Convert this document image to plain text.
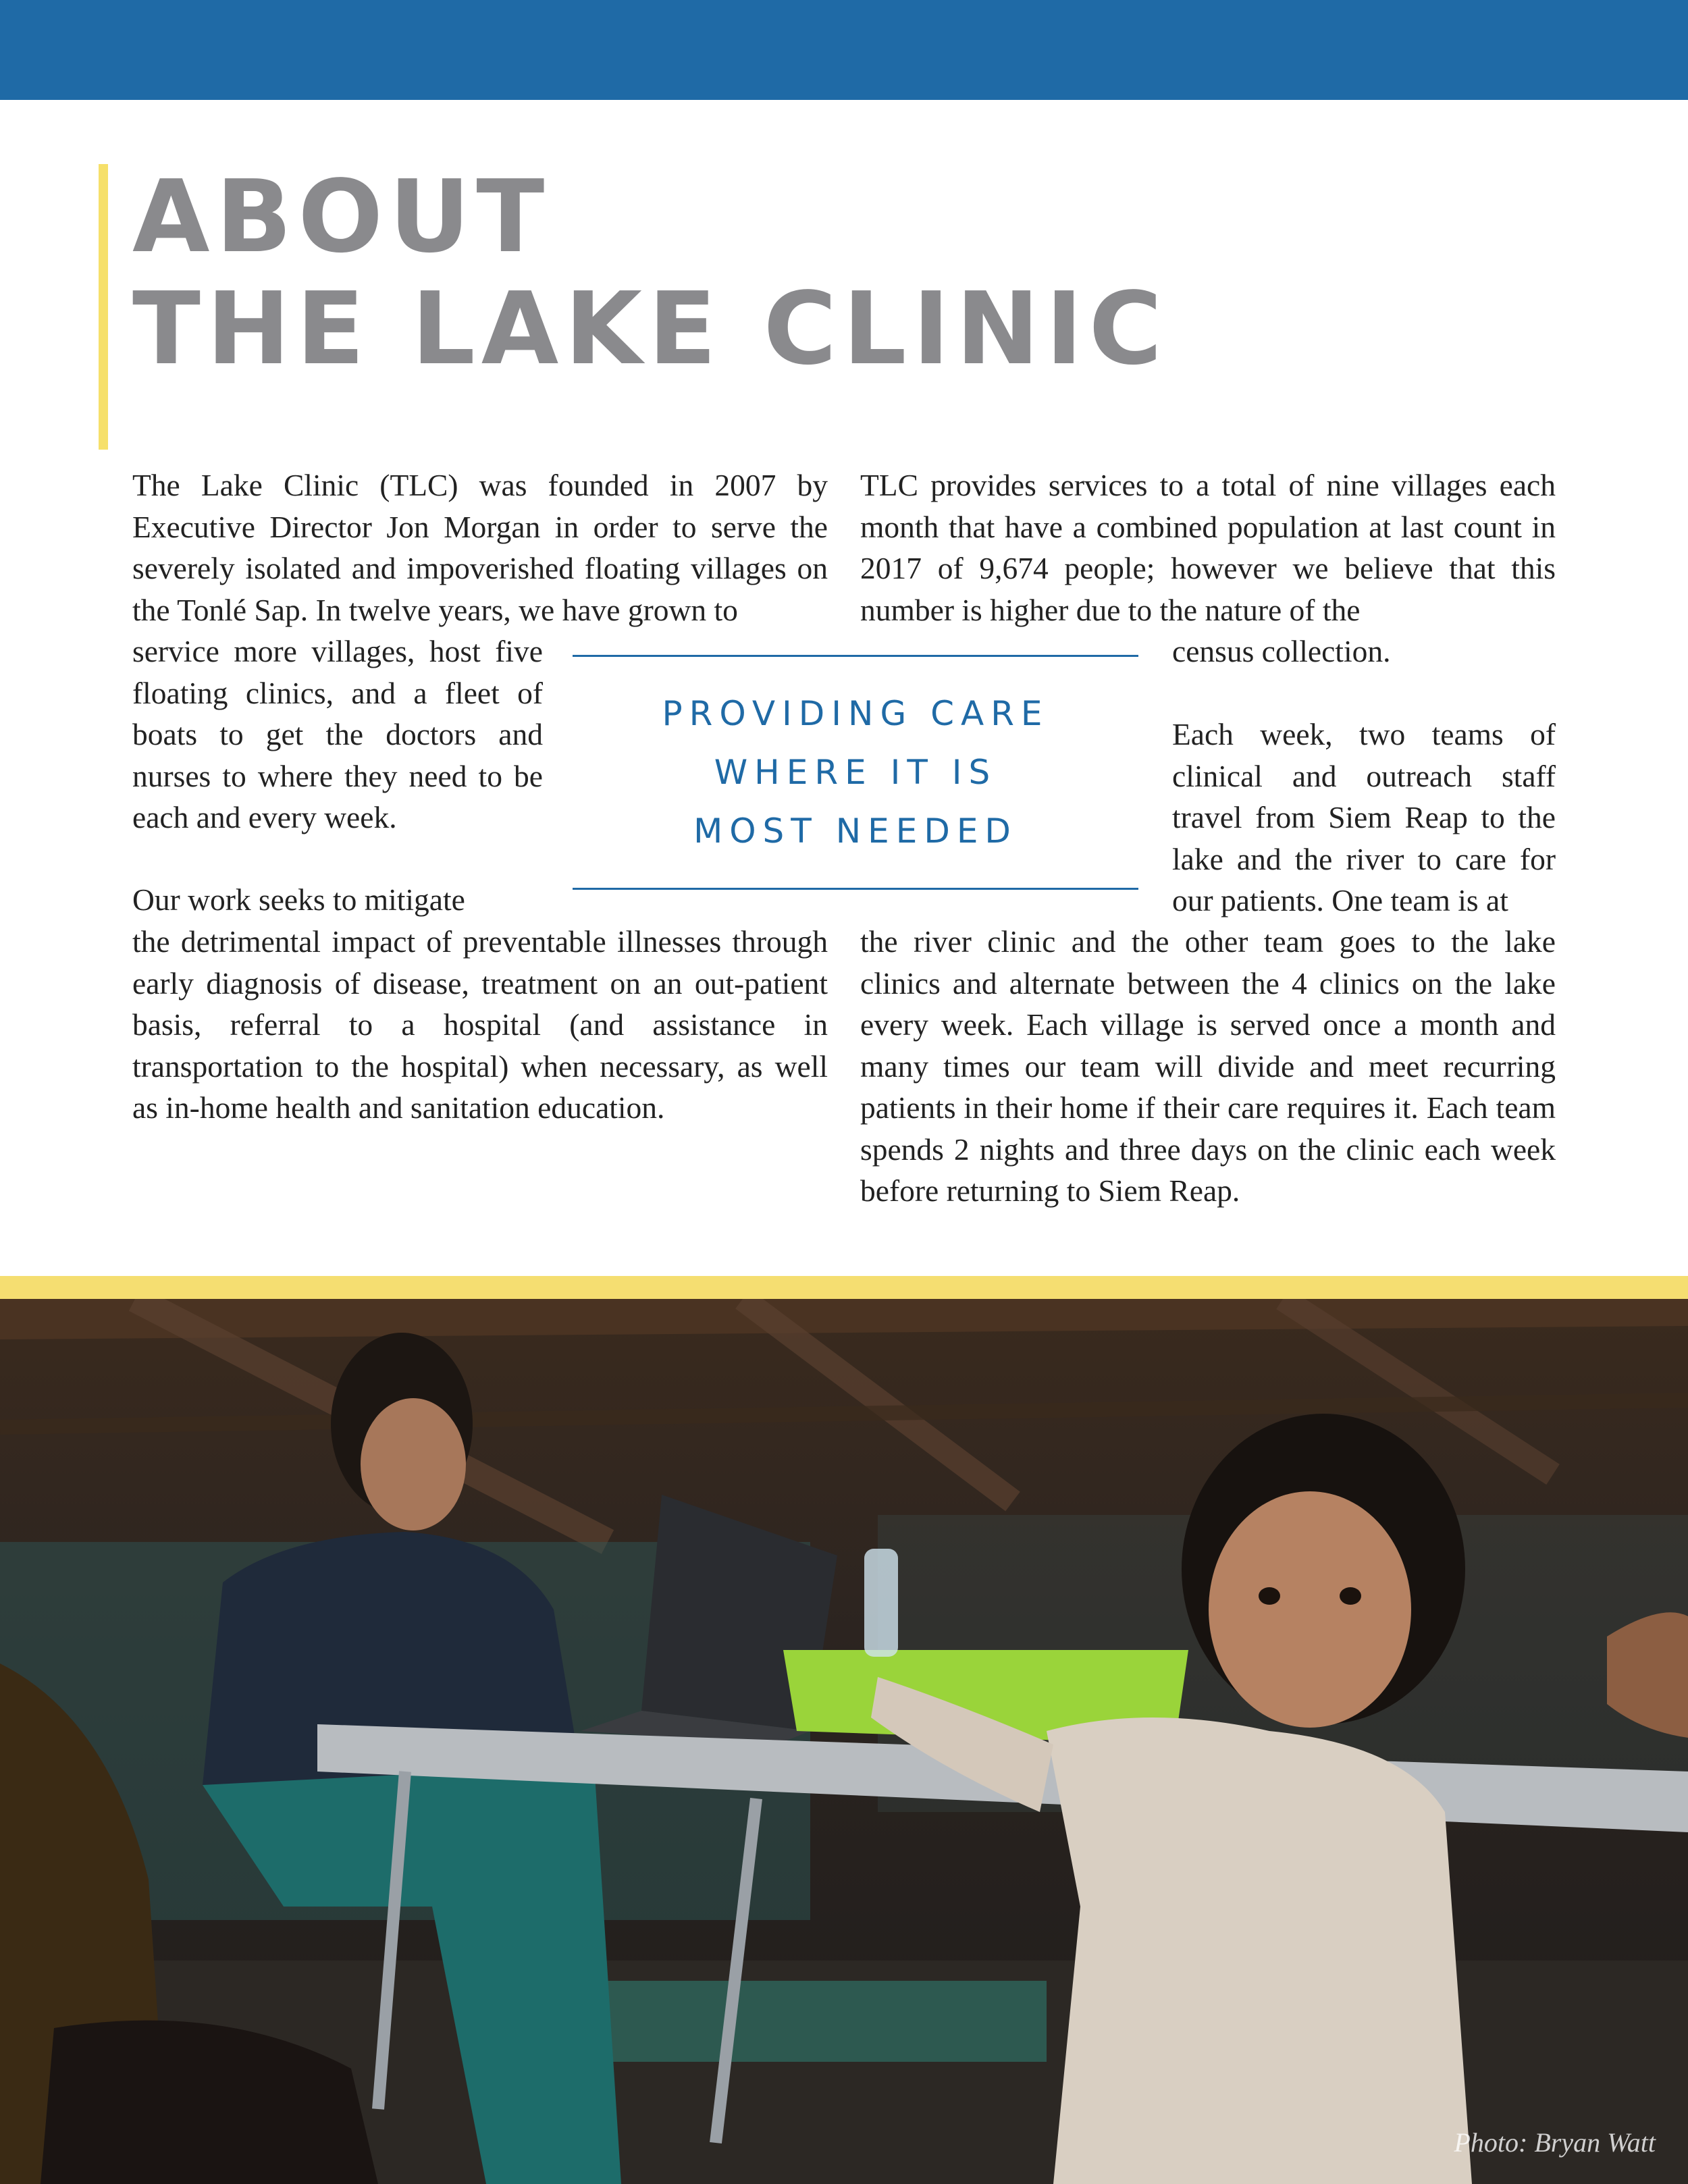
ABOUT
THE LAKE CLINIC

The Lake Clinic (TLC) was founded in 2007 by Executive Director Jon Morgan in order to serve the severely isolated and impoverished floating villages on the Tonlé Sap. In twelve years, we have grown to

service more villages, host five floating clinics, and a fleet of boats to get the doctors and nurses to where they need to be each and every week.

Our work seeks to mitigate

the detrimental impact of preventable illnesses through early diagnosis of disease, treatment on an out-patient basis, referral to a hospital (and assistance in transportation to the hospital) when necessary, as well as in-home health and sanitation education.

TLC provides services to a total of nine villages each month that have a combined population at last count in 2017 of 9,674 people; however we believe that this number is higher due to the nature of the

census collection.

Each week, two teams of clinical and outreach staff travel from Siem Reap to the lake and the river to care for our patients. One team is at

the river clinic and the other team goes to the lake clinics and alternate between the 4 clinics on the lake every week. Each village is served once a month and many times our team will divide and meet recurring patients in their home if their care requires it. Each team spends 2 nights and three days on the clinic each week before returning to Siem Reap.

PROVIDING CARE
WHERE IT IS
MOST NEEDED

Photo: Bryan Watt
